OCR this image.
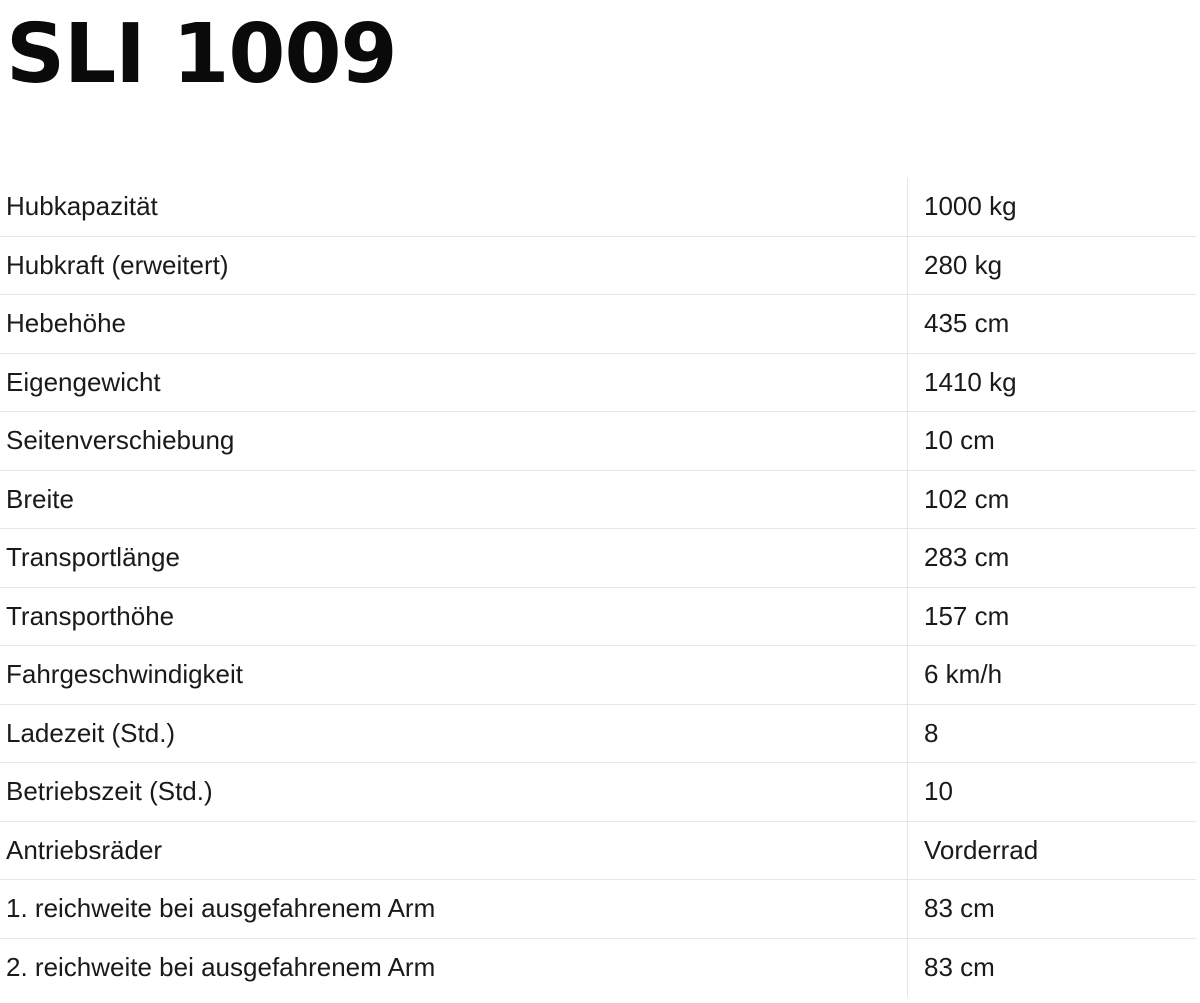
SLI 1009
Hubkapazität	1000 kg
Hubkraft (erweitert)	280 kg
Hebehöhe	435 cm
Eigengewicht	1410 kg
Seitenverschiebung	10 cm
Breite	102 cm
Transportlänge	283 cm
Transporthöhe	157 cm
Fahrgeschwindigkeit	6 km/h
Ladezeit (Std.)	8
Betriebszeit (Std.)	10
Antriebsräder	Vorderrad
1. reichweite bei ausgefahrenem Arm	83 cm
2. reichweite bei ausgefahrenem Arm	83 cm
